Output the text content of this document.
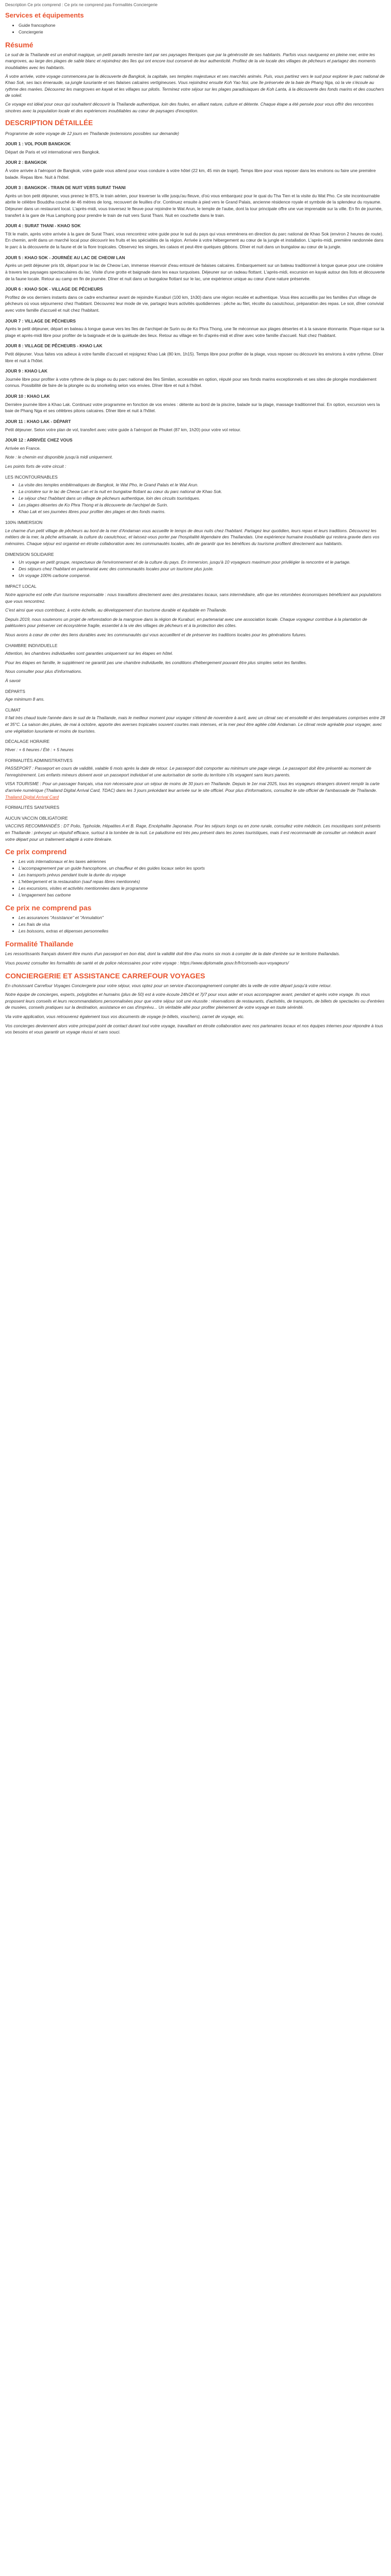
Description Ce prix comprend : Ce prix ne comprend pas Formalités Conciergerie

Services et équipements
• Guide francophone
• Conciergerie
Résumé

Le sud de la Thaïlande est un endroit magique, un petit paradis terrestre tant par ses paysages féeriques que par la générosité de ses habitants. Parfois vous naviguerez en pleine mer, entre les mangroves, au large des plages de sable blanc et rejoindrez des îles qui ont encore tout conservé de leur authenticité. Profitez de la vie locale des villages de pêcheurs et partagez des moments inoubliables avec les habitants.

À votre arrivée, votre voyage commencera par la découverte de Bangkok, la capitale, ses temples majestueux et ses marchés animés. Puis, vous partirez vers le sud pour explorer le parc national de Khao Sok, ses lacs émeraude, sa jungle luxuriante et ses falaises calcaires vertigineuses. Vous rejoindrez ensuite Koh Yao Noi, une île préservée de la baie de Phang Nga, où la vie s'écoule au rythme des marées. Découvrez les mangroves en kayak et les villages sur pilotis. Terminez votre séjour sur les plages paradisiaques de Koh Lanta, à la découverte des fonds marins et des couchers de soleil.

Ce voyage est idéal pour ceux qui souhaitent découvrir la Thaïlande authentique, loin des foules, en alliant nature, culture et détente. Chaque étape a été pensée pour vous offrir des rencontres sincères avec la population locale et des expériences inoubliables au cœur de paysages d'exception.

DESCRIPTION DÉTAILLÉE

Programme de votre voyage de 12 jours en Thaïlande (extensions possibles sur demande)

JOUR 1 : VOL POUR BANGKOK

Départ de Paris et vol international vers Bangkok.

JOUR 2 : BANGKOK

À votre arrivée à l'aéroport de Bangkok, votre guide vous attend pour vous conduire à votre hôtel (22 km, 45 min de trajet). Temps libre pour vous reposer dans les environs ou faire une première balade. Repas libre. Nuit à l'hôtel.

JOUR 3 : BANGKOK - TRAIN DE NUIT VERS SURAT THANI

Après un bon petit déjeuner, vous prenez le BTS, le train aérien, pour traverser la ville jusqu'au fleuve, d'où vous embarquez pour le quai du Tha Tien et la visite du Wat Pho. Ce site incontournable abrite le célèbre Bouddha couché de 46 mètres de long, recouvert de feuilles d'or. Continuez ensuite à pied vers le Grand Palais, ancienne résidence royale et symbole de la splendeur du royaume. Déjeuner dans un restaurant local. L'après-midi, vous traversez le fleuve pour rejoindre le Wat Arun, le temple de l'aube, dont la tour principale offre une vue imprenable sur la ville. En fin de journée, transfert à la gare de Hua Lamphong pour prendre le train de nuit vers Surat Thani. Nuit en couchette dans le train.

JOUR 4 : SURAT THANI - KHAO SOK

Tôt le matin, après votre arrivée à la gare de Surat Thani, vous rencontrez votre guide pour le sud du pays qui vous emmènera en direction du parc national de Khao Sok (environ 2 heures de route). En chemin, arrêt dans un marché local pour découvrir les fruits et les spécialités de la région. Arrivée à votre hébergement au cœur de la jungle et installation. L'après-midi, première randonnée dans le parc à la découverte de la faune et de la flore tropicales. Observez les singes, les calaos et peut-être quelques gibbons. Dîner et nuit dans un bungalow au cœur de la jungle.

JOUR 5 : KHAO SOK - JOURNÉE AU LAC DE CHEOW LAN

Après un petit déjeuner pris tôt, départ pour le lac de Cheow Lan, immense réservoir d'eau entouré de falaises calcaires. Embarquement sur un bateau traditionnel à longue queue pour une croisière à travers les paysages spectaculaires du lac. Visite d'une grotte et baignade dans les eaux turquoises. Déjeuner sur un radeau flottant. L'après-midi, excursion en kayak autour des îlots et découverte de la faune locale. Retour au camp en fin de journée. Dîner et nuit dans un bungalow flottant sur le lac, une expérience unique au cœur d'une nature préservée.

JOUR 6 : KHAO SOK - VILLAGE DE PÊCHEURS

Profitez de vos derniers instants dans ce cadre enchanteur avant de rejoindre Kuraburi (100 km, 1h30) dans une région reculée et authentique. Vous êtes accueillis par les familles d'un village de pêcheurs où vous séjournerez chez l'habitant. Découvrez leur mode de vie, partagez leurs activités quotidiennes : pêche au filet, récolte du caoutchouc, préparation des repas. Le soir, dîner convivial avec votre famille d'accueil et nuit chez l'habitant.

JOUR 7 : VILLAGE DE PÊCHEURS

Après le petit déjeuner, départ en bateau à longue queue vers les îles de l'archipel de Surin ou de Ko Phra Thong, une île méconnue aux plages désertes et à la savane étonnante. Pique-nique sur la plage et après-midi libre pour profiter de la baignade et de la quiétude des lieux. Retour au village en fin d'après-midi et dîner avec votre famille d'accueil. Nuit chez l'habitant.

JOUR 8 : VILLAGE DE PÊCHEURS - KHAO LAK

Petit déjeuner. Vous faites vos adieux à votre famille d'accueil et rejoignez Khao Lak (80 km, 1h15). Temps libre pour profiter de la plage, vous reposer ou découvrir les environs à votre rythme. Dîner libre et nuit à l'hôtel.

JOUR 9 : KHAO LAK

Journée libre pour profiter à votre rythme de la plage ou du parc national des îles Similan, accessible en option, réputé pour ses fonds marins exceptionnels et ses sites de plongée mondialement connus. Possibilité de faire de la plongée ou du snorkeling selon vos envies. Dîner libre et nuit à l'hôtel.

JOUR 10 : KHAO LAK

Dernière journée libre à Khao Lak. Continuez votre programme en fonction de vos envies : détente au bord de la piscine, balade sur la plage, massage traditionnel thaï. En option, excursion vers la baie de Phang Nga et ses célèbres pitons calcaires. Dîner libre et nuit à l'hôtel.

JOUR 11 : KHAO LAK - DÉPART

Petit déjeuner. Selon votre plan de vol, transfert avec votre guide à l'aéroport de Phuket (87 km, 1h20) pour votre vol retour.

JOUR 12 : ARRIVÉE CHEZ VOUS

Arrivée en France.

Note : le chemin est disponible jusqu'à midi uniquement.

Les points forts de votre circuit :

LES INCONTOURNABLES

• La visite des temples emblématiques de Bangkok, le Wat Pho, le Grand Palais et le Wat Arun.
• La croisière sur le lac de Cheow Lan et la nuit en bungalow flottant au cœur du parc national de Khao Sok.
• Le séjour chez l'habitant dans un village de pêcheurs authentique, loin des circuits touristiques.
• Les plages désertes de Ko Phra Thong et la découverte de l'archipel de Surin.
• Khao Lak et ses journées libres pour profiter des plages et des fonds marins.

100% IMMERSION

Le charme d'un petit village de pêcheurs au bord de la mer d'Andaman vous accueille le temps de deux nuits chez l'habitant. Partagez leur quotidien, leurs repas et leurs traditions. Découvrez les métiers de la mer, la pêche artisanale, la culture du caoutchouc, et laissez-vous porter par l'hospitalité légendaire des Thaïlandais. Une expérience humaine inoubliable qui restera gravée dans vos mémoires. Chaque séjour est organisé en étroite collaboration avec les communautés locales, afin de garantir que les bénéfices du tourisme profitent directement aux habitants.

DIMENSION SOLIDAIRE

• Un voyage en petit groupe, respectueux de l'environnement et de la culture du pays. En immersion, jusqu'à 10 voyageurs maximum pour privilégier la rencontre et le partage.
• Des séjours chez l'habitant en partenariat avec des communautés locales pour un tourisme plus juste.
• Un voyage 100% carbone compensé.

IMPACT LOCAL

Notre approche est celle d'un tourisme responsable : nous travaillons directement avec des prestataires locaux, sans intermédiaire, afin que les retombées économiques bénéficient aux populations que vous rencontrez.

C'est ainsi que vous contribuez, à votre échelle, au développement d'un tourisme durable et équitable en Thaïlande.

Depuis 2019, nous soutenons un projet de reforestation de la mangrove dans la région de Kuraburi, en partenariat avec une association locale. Chaque voyageur contribue à la plantation de palétuviers pour préserver cet écosystème fragile, essentiel à la vie des villages de pêcheurs et à la protection des côtes.

Nous avons à cœur de créer des liens durables avec les communautés qui vous accueillent et de préserver les traditions locales pour les générations futures.

CHAMBRE INDIVIDUELLE

Attention, les chambres individuelles sont garanties uniquement sur les étapes en hôtel.

Pour les étapes en famille, le supplément ne garantit pas une chambre individuelle, les conditions d'hébergement pouvant être plus simples selon les familles.

Nous consulter pour plus d'informations.

À savoir

DÉPARTS

Age minimum 8 ans.

CLIMAT

Il fait très chaud toute l'année dans le sud de la Thaïlande, mais le meilleur moment pour voyager s'étend de novembre à avril, avec un climat sec et ensoleillé et des températures comprises entre 28 et 35°C. La saison des pluies, de mai à octobre, apporte des averses tropicales souvent courtes mais intenses, et la mer peut être agitée côté Andaman. Le climat reste agréable pour voyager, avec une végétation luxuriante et moins de touristes.

DÉCALAGE HORAIRE

Hiver : + 6 heures / Été : + 5 heures

FORMALITÉS ADMINISTRATIVES

PASSEPORT : Passeport en cours de validité, valable 6 mois après la date de retour. Le passeport doit comporter au minimum une page vierge. Le passeport doit être présenté au moment de l'enregistrement. Les enfants mineurs doivent avoir un passeport individuel et une autorisation de sortie du territoire s'ils voyagent sans leurs parents.

VISA TOURISME : Pour un passager français, visa non nécessaire pour un séjour de moins de 30 jours en Thaïlande. Depuis le 1er mai 2025, tous les voyageurs étrangers doivent remplir la carte d'arrivée numérique (Thailand Digital Arrival Card, TDAC) dans les 3 jours précédant leur arrivée sur le site officiel. Pour plus d'informations, consultez le site officiel de l'ambassade de Thaïlande. Thailand Digital Arrival Card

FORMALITÉS SANITAIRES

AUCUN VACCIN OBLIGATOIRE

VACCINS RECOMMANDÉS : DT Polio, Typhoïde, Hépatites A et B. Rage, Encéphalite Japonaise. Pour les séjours longs ou en zone rurale, consultez votre médecin. Les moustiques sont présents en Thaïlande : prévoyez un répulsif efficace, surtout à la tombée de la nuit. Le paludisme est très peu présent dans les zones touristiques, mais il est recommandé de consulter un médecin avant votre départ pour un traitement adapté à votre itinéraire.

Ce prix comprend
• Les vols internationaux et les taxes aériennes
• L'accompagnement par un guide francophone, un chauffeur et des guides locaux selon les sports
• Les transports prévus pendant toute la durée du voyage
• L'hébergement et la restauration (sauf repas libres mentionnés)
• Les excursions, visites et activités mentionnées dans le programme
• L'engagement bas carbone
Ce prix ne comprend pas
• Les assurances "Assistance" et "Annulation"
• Les frais de visa
• Les boissons, extras et dépenses personnelles
Formalité Thaïlande

Les ressortissants français doivent être munis d'un passeport en bon état, dont la validité doit être d'au moins six mois à compter de la date d'entrée sur le territoire thaïlandais.

Vous pouvez consulter les formalités de santé et de police nécessaires pour votre voyage : https://www.diplomatie.gouv.fr/fr/conseils-aux-voyageurs/

CONCIERGERIE ET ASSISTANCE CARREFOUR VOYAGES

En choisissant Carrefour Voyages Conciergerie pour votre séjour, vous optez pour un service d'accompagnement complet dès la veille de votre départ jusqu'à votre retour.

Notre équipe de concierges, experts, polyglottes et humains (plus de 50) est à votre écoute 24h/24 et 7j/7 pour vous aider et vous accompagner avant, pendant et après votre voyage. Ils vous proposent leurs conseils et leurs recommandations personnalisées pour que votre séjour soit une réussite : réservations de restaurants, d'activités, de transports, de billets de spectacles ou d'entrées de musées, conseils pratiques sur la destination, assistance en cas d'imprévu... Un véritable allié pour profiter pleinement de votre voyage en toute sérénité.

Via votre application, vous retrouverez également tous vos documents de voyage (e-billets, vouchers), carnet de voyage, etc.

Vos concierges deviennent alors votre principal point de contact durant tout votre voyage, travaillant en étroite collaboration avec nos partenaires locaux et nos équipes internes pour répondre à tous vos besoins et vous garantir un voyage réussi et sans souci.
